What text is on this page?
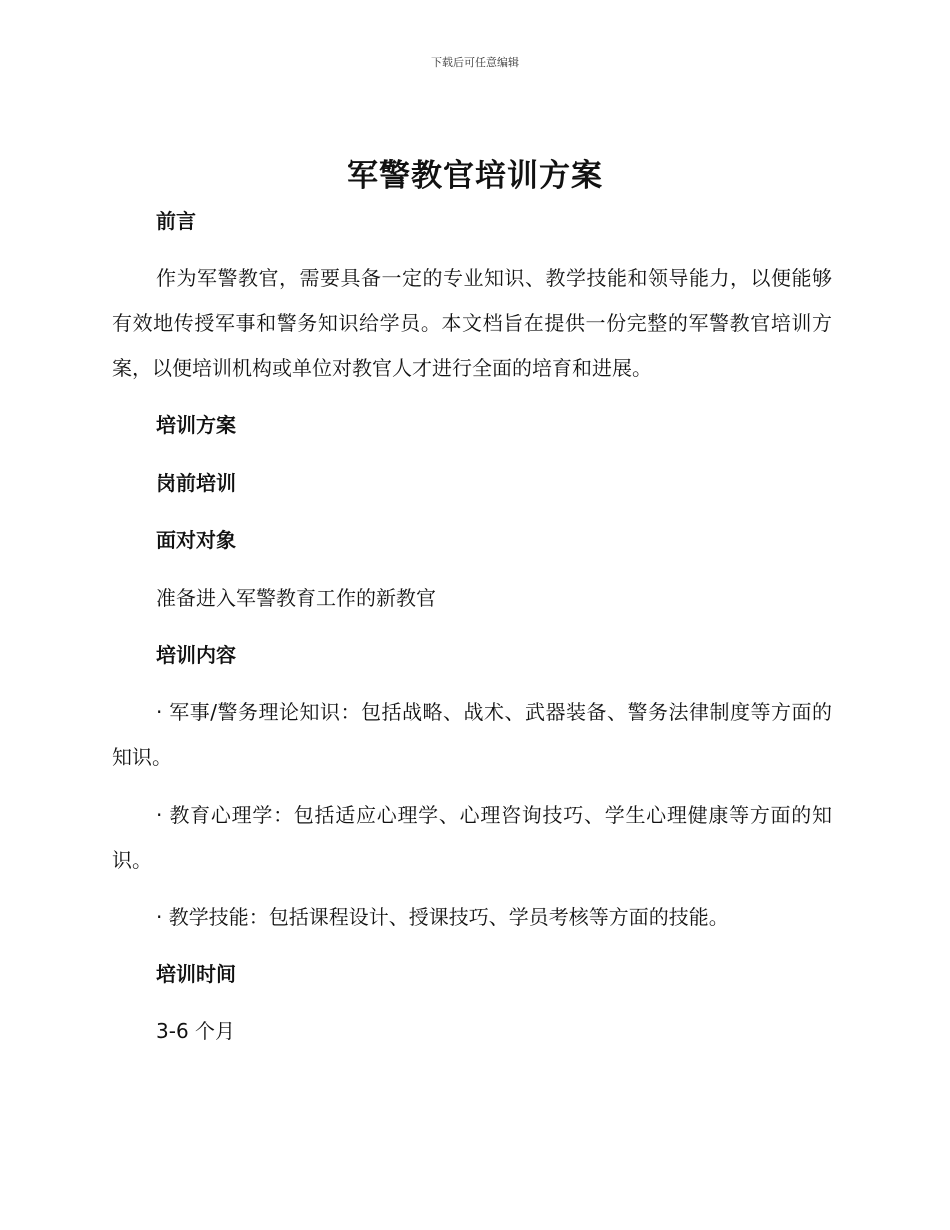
下载后可任意编辑
军警教官培训方案
前言
作为军警教官，需要具备一定的专业知识、教学技能和领导能力，以便能够有效地传授军事和警务知识给学员。本文档旨在提供一份完整的军警教官培训方案，以便培训机构或单位对教官人才进行全面的培育和进展。
培训方案
岗前培训
面对对象
准备进入军警教育工作的新教官
培训内容
· 军事/警务理论知识：包括战略、战术、武器装备、警务法律制度等方面的知识。
· 教育心理学：包括适应心理学、心理咨询技巧、学生心理健康等方面的知识。
· 教学技能：包括课程设计、授课技巧、学员考核等方面的技能。
培训时间
3-6 个月
